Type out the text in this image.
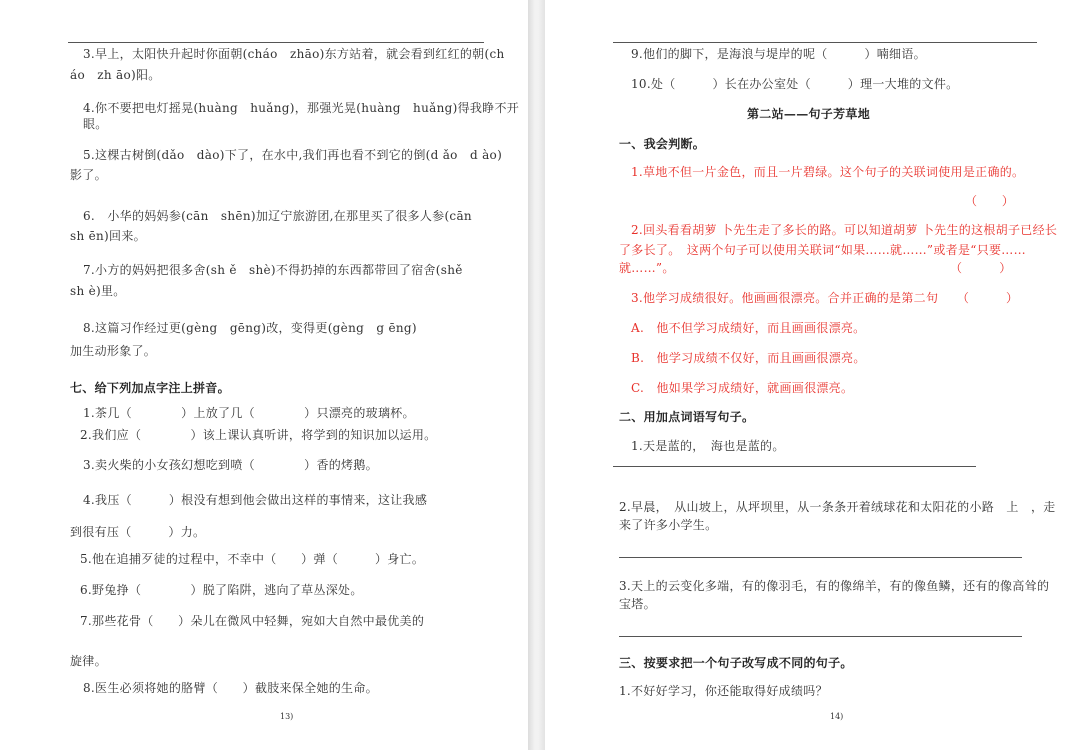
3.早上，太阳快升起时你面朝(cháo　zhāo)东方站着，就会看到红红的朝(ch
áo　zh āo)阳。
4.你不要把电灯摇晃(huàng　huǎng)，那强光晃(huàng　huǎng)得我睁不开
眼。
5.这棵古树倒(dǎo　dào)下了，在水中,我们再也看不到它的倒(d ǎo　d ào)
影了。
6.　小华的妈妈参(cān　shēn)加辽宁旅游团,在那里买了很多人参(cān
sh ēn)回来。
7.小方的妈妈把很多舍(sh ě　shè)不得扔掉的东西都带回了宿舍(shě
sh è)里。
8.这篇习作经过更(gèng　gēng)改，变得更(gèng　g ēng)
加生动形象了。
七、给下列加点字注上拼音。
1.茶几（　　　　）上放了几（　　　　）只漂亮的玻璃杯。
2.我们应（　　　　）该上课认真听讲，将学到的知识加以运用。
3.卖火柴的小女孩幻想吃到喷（　　　　）香的烤鹅。
4.我压（　　　）根没有想到他会做出这样的事情来，这让我感
到很有压（　　　）力。
5.他在追捕歹徒的过程中，不幸中（　　）弹（　　　）身亡。
6.野兔挣（　　　　）脱了陷阱，逃向了草丛深处。
7.那些花骨（　　）朵儿在微风中轻舞，宛如大自然中最优美的
旋律。
8.医生必须将她的胳臂（　　）截肢来保全她的生命。
13)
9.他们的脚下，是海浪与堤岸的呢（　　　）喃细语。
10.处（　　　）长在办公室处（　　　）理一大堆的文件。
第二站——句子芳草地
一、我会判断。
1.草地不但一片金色，而且一片碧绿。这个句子的关联词使用是正确的。
（　　）
2.回头看看胡萝 卜先生走了多长的路。可以知道胡萝 卜先生的这根胡子已经长
了多长了。　这两个句子可以使用关联词“如果……就……”或者是“只要……
就……”。	（　　　）
3.他学习成绩很好。他画画很漂亮。合并正确的是第二句　　（　　　）
A.　他不但学习成绩好，而且画画很漂亮。
B.　他学习成绩不仅好，而且画画很漂亮。
C.　他如果学习成绩好，就画画很漂亮。
二、用加点词语写句子。
1.天是蓝的，　海也是蓝的。
2.早晨，　从山坡上，从坪坝里，从一条条开着绒球花和太阳花的小路　上　，走
来了许多小学生。
3.天上的云变化多端，有的像羽毛，有的像绵羊，有的像鱼鳞，还有的像高耸的
宝塔。
三、按要求把一个句子改写成不同的句子。
1.不好好学习，你还能取得好成绩吗？
14)
